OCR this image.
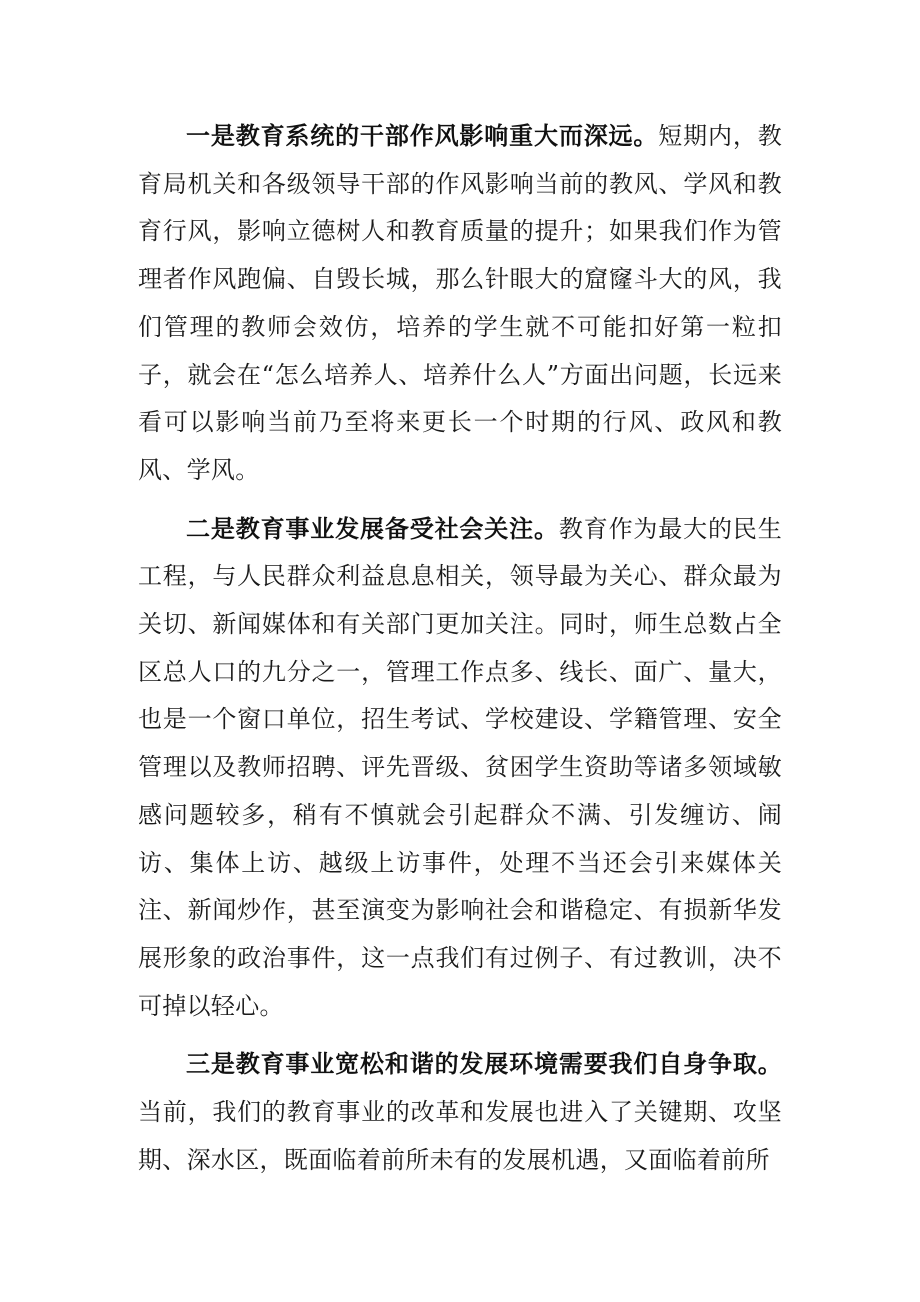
一是教育系统的干部作风影响重大而深远。短期内，教育局机关和各级领导干部的作风影响当前的教风、学风和教育行风，影响立德树人和教育质量的提升；如果我们作为管理者作风跑偏、自毁长城，那么针眼大的窟窿斗大的风，我们管理的教师会效仿，培养的学生就不可能扣好第一粒扣子，就会在“怎么培养人、培养什么人”方面出问题，长远来看可以影响当前乃至将来更长一个时期的行风、政风和教风、学风。

二是教育事业发展备受社会关注。教育作为最大的民生工程，与人民群众利益息息相关，领导最为关心、群众最为关切、新闻媒体和有关部门更加关注。同时，师生总数占全区总人口的九分之一，管理工作点多、线长、面广、量大，也是一个窗口单位，招生考试、学校建设、学籍管理、安全管理以及教师招聘、评先晋级、贫困学生资助等诸多领域敏感问题较多，稍有不慎就会引起群众不满、引发缠访、闹访、集体上访、越级上访事件，处理不当还会引来媒体关注、新闻炒作，甚至演变为影响社会和谐稳定、有损新华发展形象的政治事件，这一点我们有过例子、有过教训，决不可掉以轻心。

三是教育事业宽松和谐的发展环境需要我们自身争取。当前，我们的教育事业的改革和发展也进入了关键期、攻坚期、深水区，既面临着前所未有的发展机遇，又面临着前所
